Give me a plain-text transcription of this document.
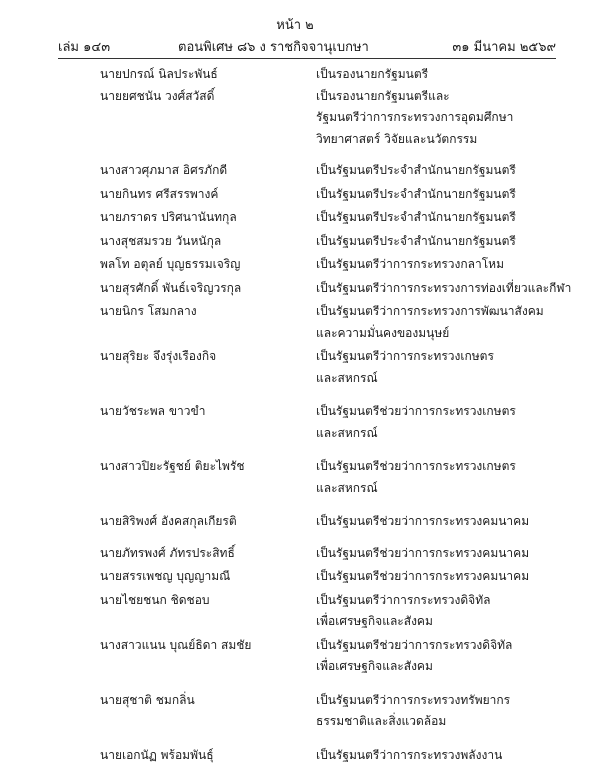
หน้า ๒
เล่ม ๑๔๓	ตอนพิเศษ ๘๖ ง ราชกิจจานุเบกษา	๓๑ มีนาคม ๒๕๖๙
นายปกรณ์ นิลประพันธ์	เป็นรองนายกรัฐมนตรี
นายยศชนัน วงศ์สวัสดิ์	เป็นรองนายกรัฐมนตรีและ
รัฐมนตรีว่าการกระทรวงการอุดมศึกษา
วิทยาศาสตร์ วิจัยและนวัตกรรม
นางสาวศุภมาส อิศรภักดี	เป็นรัฐมนตรีประจำสำนักนายกรัฐมนตรี
นายกินทร ศรีสรรพางค์	เป็นรัฐมนตรีประจำสำนักนายกรัฐมนตรี
นายภราดร ปริศนานันทกุล	เป็นรัฐมนตรีประจำสำนักนายกรัฐมนตรี
นางสุชสมรวย วันหนักุล	เป็นรัฐมนตรีประจำสำนักนายกรัฐมนตรี
พลโท อตุลย์ บุญธรรมเจริญ	เป็นรัฐมนตรีว่าการกระทรวงกลาโหม
นายสุรศักดิ์ พันธ์เจริญวรกุล	เป็นรัฐมนตรีว่าการกระทรวงการท่องเที่ยวและกีฬา
นายนิกร โสมกลาง	เป็นรัฐมนตรีว่าการกระทรวงการพัฒนาสังคม
และความมั่นคงของมนุษย์
นายสุริยะ จึงรุ่งเรืองกิจ	เป็นรัฐมนตรีว่าการกระทรวงเกษตร
และสหกรณ์
นายวัชระพล ขาวขำ	เป็นรัฐมนตรีช่วยว่าการกระทรวงเกษตร
และสหกรณ์
นางสาวปิยะรัฐชย์ ติยะไพรัช	เป็นรัฐมนตรีช่วยว่าการกระทรวงเกษตร
และสหกรณ์
นายสิริพงศ์ อังคสกุลเกียรติ	เป็นรัฐมนตรีช่วยว่าการกระทรวงคมนาคม
นายภัทรพงศ์ ภัทรประสิทธิ์	เป็นรัฐมนตรีช่วยว่าการกระทรวงคมนาคม
นายสรรเพชญ บุญญามณี	เป็นรัฐมนตรีช่วยว่าการกระทรวงคมนาคม
นายไชยชนก ชิดชอบ	เป็นรัฐมนตรีว่าการกระทรวงดิจิทัล
เพื่อเศรษฐกิจและสังคม
นางสาวแนน บุณย์ธิดา สมชัย	เป็นรัฐมนตรีช่วยว่าการกระทรวงดิจิทัล
เพื่อเศรษฐกิจและสังคม
นายสุชาติ ชมกลิ่น	เป็นรัฐมนตรีว่าการกระทรวงทรัพยากร
ธรรมชาติและสิ่งแวดล้อม
นายเอกนัฏ พร้อมพันธุ์	เป็นรัฐมนตรีว่าการกระทรวงพลังงาน
